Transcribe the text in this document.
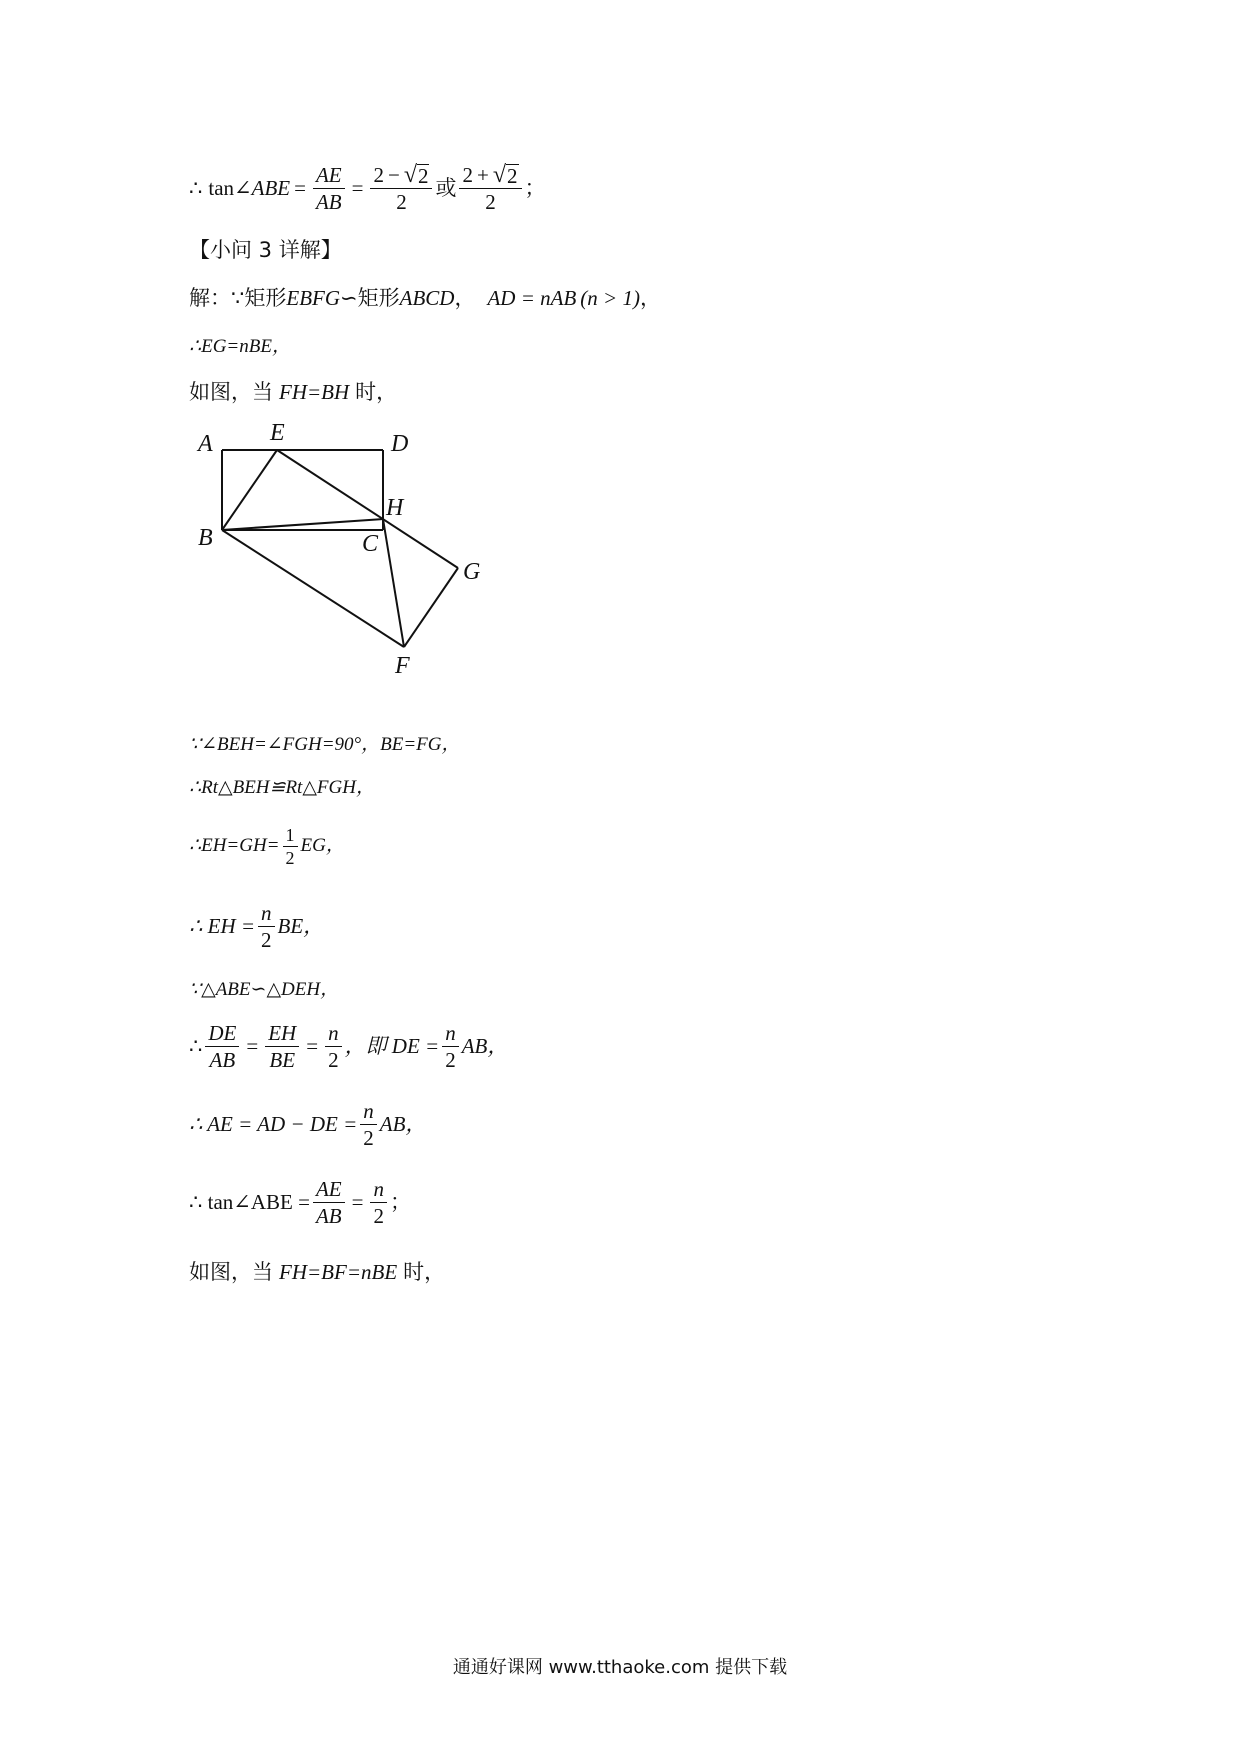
∴ tan ∠ABE = $\frac{AE}{AB} = \frac{2 - √ 2}{2}$ 或 $\frac{2 + √ 2}{2}$ ；
【小问 3 详解】
解：∵矩形 EBFG ∽矩形 ABCD ， AD = nAB (n > 1) ，
∴EG=nBE，
如图，当 FH=BH 时，
A E	D
H
B	C
G
F
∵∠BEH=∠FGH=90°，BE=FG，
∴Rt△BEH≌Rt△FGH，
∴EH=GH= $\frac{1}{2}$ EG，
∴ EH = $\frac{n}{2}$ BE，
∵△ABE∽△DEH，
∴ $\frac{DE}{AB} = \frac{EH}{BE} = \frac{n}{2}$ ，即 DE = $\frac{n}{2}$ AB，
∴ AE = AD − DE = $\frac{n}{2}$ AB，
∴ tan∠ABE = $\frac{AE}{AB} = \frac{n}{2}$ ；
如图，当 FH=BF=nBE 时，
通通好课网 www.tthaoke.com 提供下载
